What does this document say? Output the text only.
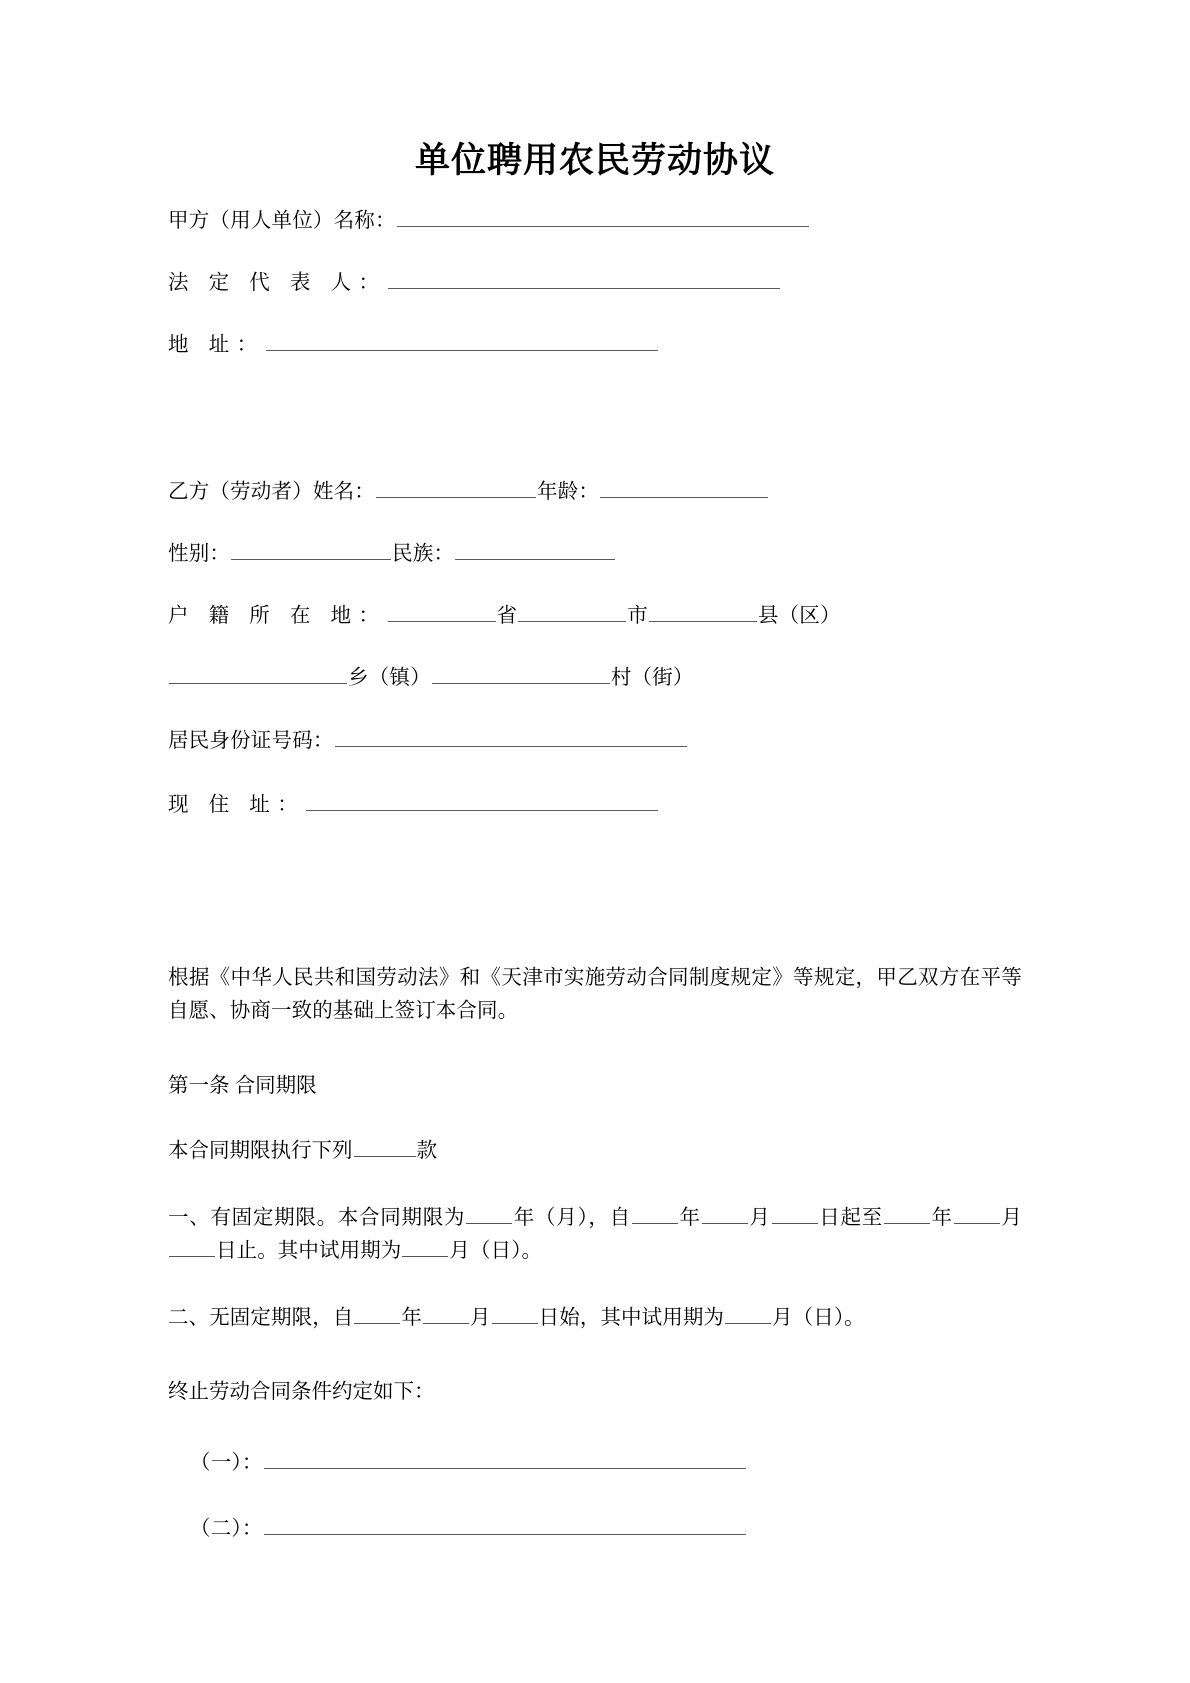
单位聘用农民劳动协议
甲方（用人单位）名称：
法 定 代 表 人：
地 址：
乙方（劳动者）姓名：	年龄：
性别：	民族：
户 籍 所 在 地：	省	市	县（区）
乡（镇）	村（街）
居民身份证号码：
现 住 址：
根据《中华人民共和国劳动法》和《天津市实施劳动合同制度规定》等规定，甲乙双方在平等自愿、协商一致的基础上签订本合同。
第一条 合同期限
本合同期限执行下列	款
一、有固定期限。本合同期限为 年（月），自 年 月 日起至 年 月日止。其中试用期为 月（日）。
二、无固定期限，自 年 月 日始，其中试用期为 月（日）。
终止劳动合同条件约定如下：
（一）：
（二）：
